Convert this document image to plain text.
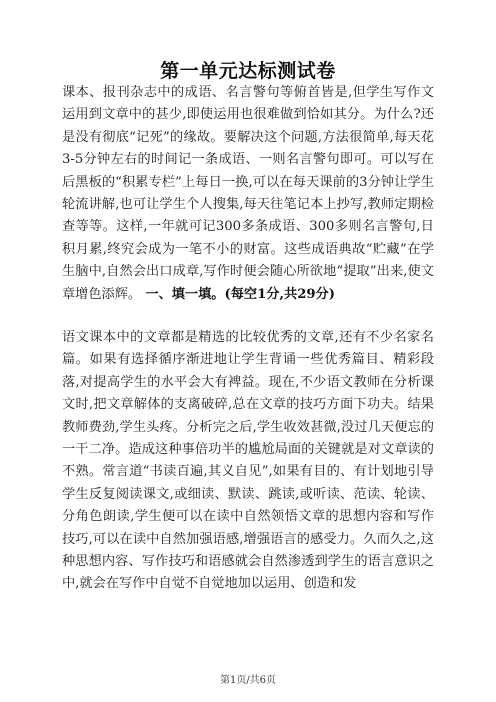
第一单元达标测试卷
课本、报刊杂志中的成语、名言警句等俯首皆是,但学生写作文运用到文章中的甚少,即使运用也很难做到恰如其分。为什么?还是没有彻底“记死”的缘故。要解决这个问题,方法很简单,每天花3-5分钟左右的时间记一条成语、一则名言警句即可。可以写在后黑板的“积累专栏”上每日一换,可以在每天课前的3分钟让学生轮流讲解,也可让学生个人搜集,每天往笔记本上抄写,教师定期检查等等。这样,一年就可记300多条成语、300多则名言警句,日积月累,终究会成为一笔不小的财富。这些成语典故“贮藏”在学生脑中,自然会出口成章,写作时便会随心所欲地“提取”出来,使文章增色添辉。 一、填一填。(每空1分,共29分)
语文课本中的文章都是精选的比较优秀的文章,还有不少名家名篇。如果有选择循序渐进地让学生背诵一些优秀篇目、精彩段落,对提高学生的水平会大有裨益。现在,不少语文教师在分析课文时,把文章解体的支离破碎,总在文章的技巧方面下功夫。结果教师费劲,学生头疼。分析完之后,学生收效甚微,没过几天便忘的一干二净。造成这种事倍功半的尴尬局面的关键就是对文章读的不熟。常言道“书读百遍,其义自见”,如果有目的、有计划地引导学生反复阅读课文,或细读、默读、跳读,或听读、范读、轮读、分角色朗读,学生便可以在读中自然领悟文章的思想内容和写作技巧,可以在读中自然加强语感,增强语言的感受力。久而久之,这种思想内容、写作技巧和语感就会自然渗透到学生的语言意识之中,就会在写作中自觉不自觉地加以运用、创造和发
第1页/共6页
